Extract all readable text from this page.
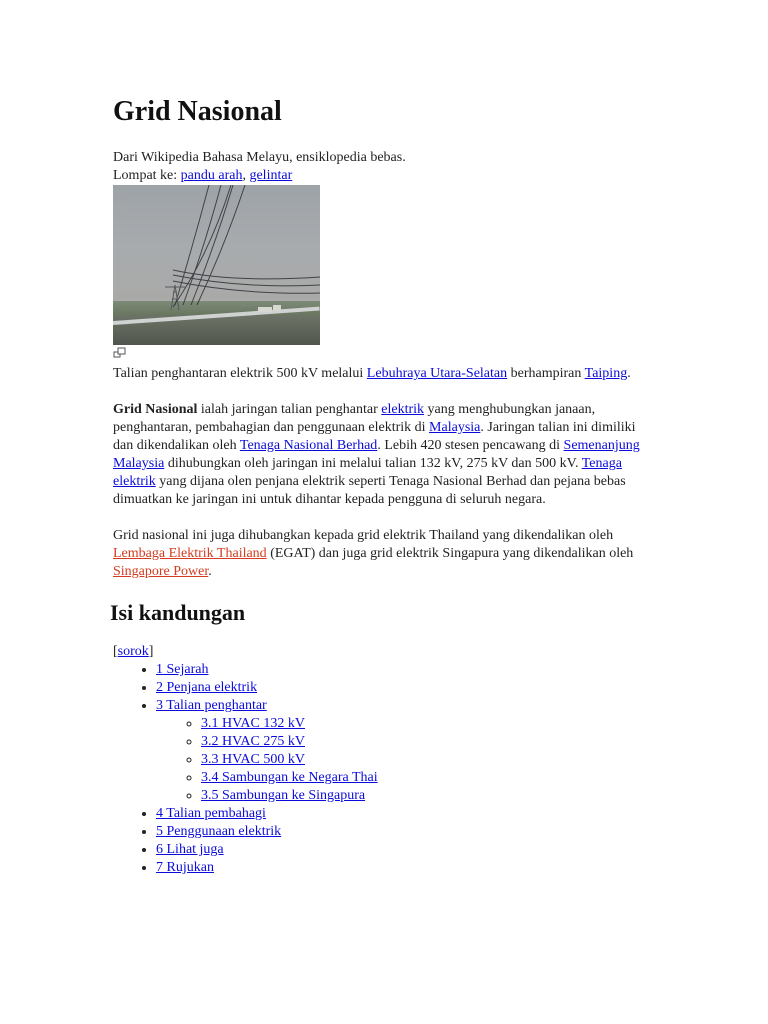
Grid Nasional
Dari Wikipedia Bahasa Melayu, ensiklopedia bebas.
Lompat ke: pandu arah, gelintar
Talian penghantaran elektrik 500 kV melalui Lebuhraya Utara-Selatan berhampiran Taiping.

Grid Nasional ialah jaringan talian penghantar elektrik yang menghubungkan janaan, penghantaran, pembahagian dan penggunaan elektrik di Malaysia. Jaringan talian ini dimiliki dan dikendalikan oleh Tenaga Nasional Berhad. Lebih 420 stesen pencawang di Semenanjung Malaysia dihubungkan oleh jaringan ini melalui talian 132 kV, 275 kV dan 500 kV. Tenaga elektrik yang dijana olen penjana elektrik seperti Tenaga Nasional Berhad dan pejana bebas dimuatkan ke jaringan ini untuk dihantar kepada pengguna di seluruh negara.

Grid nasional ini juga dihubangkan kepada grid elektrik Thailand yang dikendalikan oleh Lembaga Elektrik Thailand (EGAT) dan juga grid elektrik Singapura yang dikendalikan oleh Singapore Power.

Isi kandungan
[sorok]
• 1 Sejarah
• 2 Penjana elektrik
• 3 Talian penghantar
◦ 3.1 HVAC 132 kV
◦ 3.2 HVAC 275 kV
◦ 3.3 HVAC 500 kV
◦ 3.4 Sambungan ke Negara Thai
◦ 3.5 Sambungan ke Singapura
• 4 Talian pembahagi
• 5 Penggunaan elektrik
• 6 Lihat juga
• 7 Rujukan
